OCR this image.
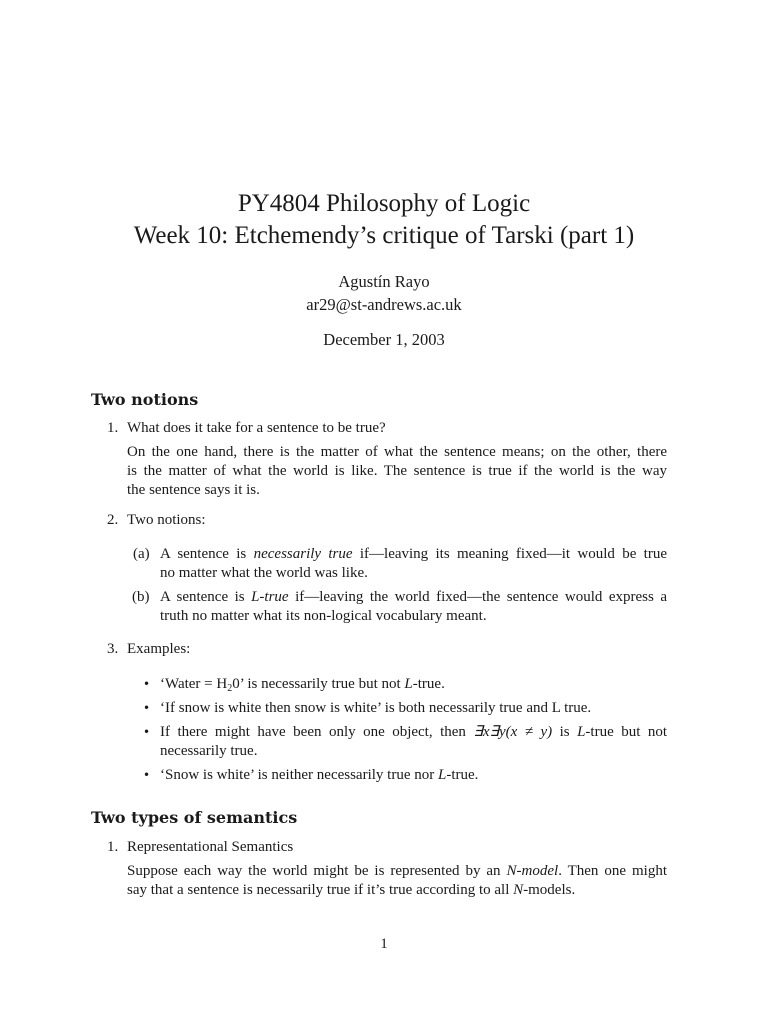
PY4804 Philosophy of Logic
Week 10: Etchemendy’s critique of Tarski (part 1)
Agustín Rayo
ar29@st-andrews.ac.uk
December 1, 2003
Two notions
1. What does it take for a sentence to be true?
On the one hand, there is the matter of what the sentence means; on the other, there
is the matter of what the world is like. The sentence is true if the world is the way
the sentence says it is.
2. Two notions:
(a) A sentence is necessarily true if—leaving its meaning fixed—it would be true
no matter what the world was like.
(b) A sentence is L-true if—leaving the world fixed—the sentence would express a
truth no matter what its non-logical vocabulary meant.
3. Examples:
• ‘Water = $H_20$’ is necessarily true but not L-true.
• ‘If snow is white then snow is white’ is both necessarily true and L true.
• If there might have been only one object, then ∃x∃y(x ≠ y) is L-true but not
necessarily true.
• ‘Snow is white’ is neither necessarily true nor L-true.
Two types of semantics
1. Representational Semantics
Suppose each way the world might be is represented by an N-model. Then one might
say that a sentence is necessarily true if it’s true according to all N-models.
1
